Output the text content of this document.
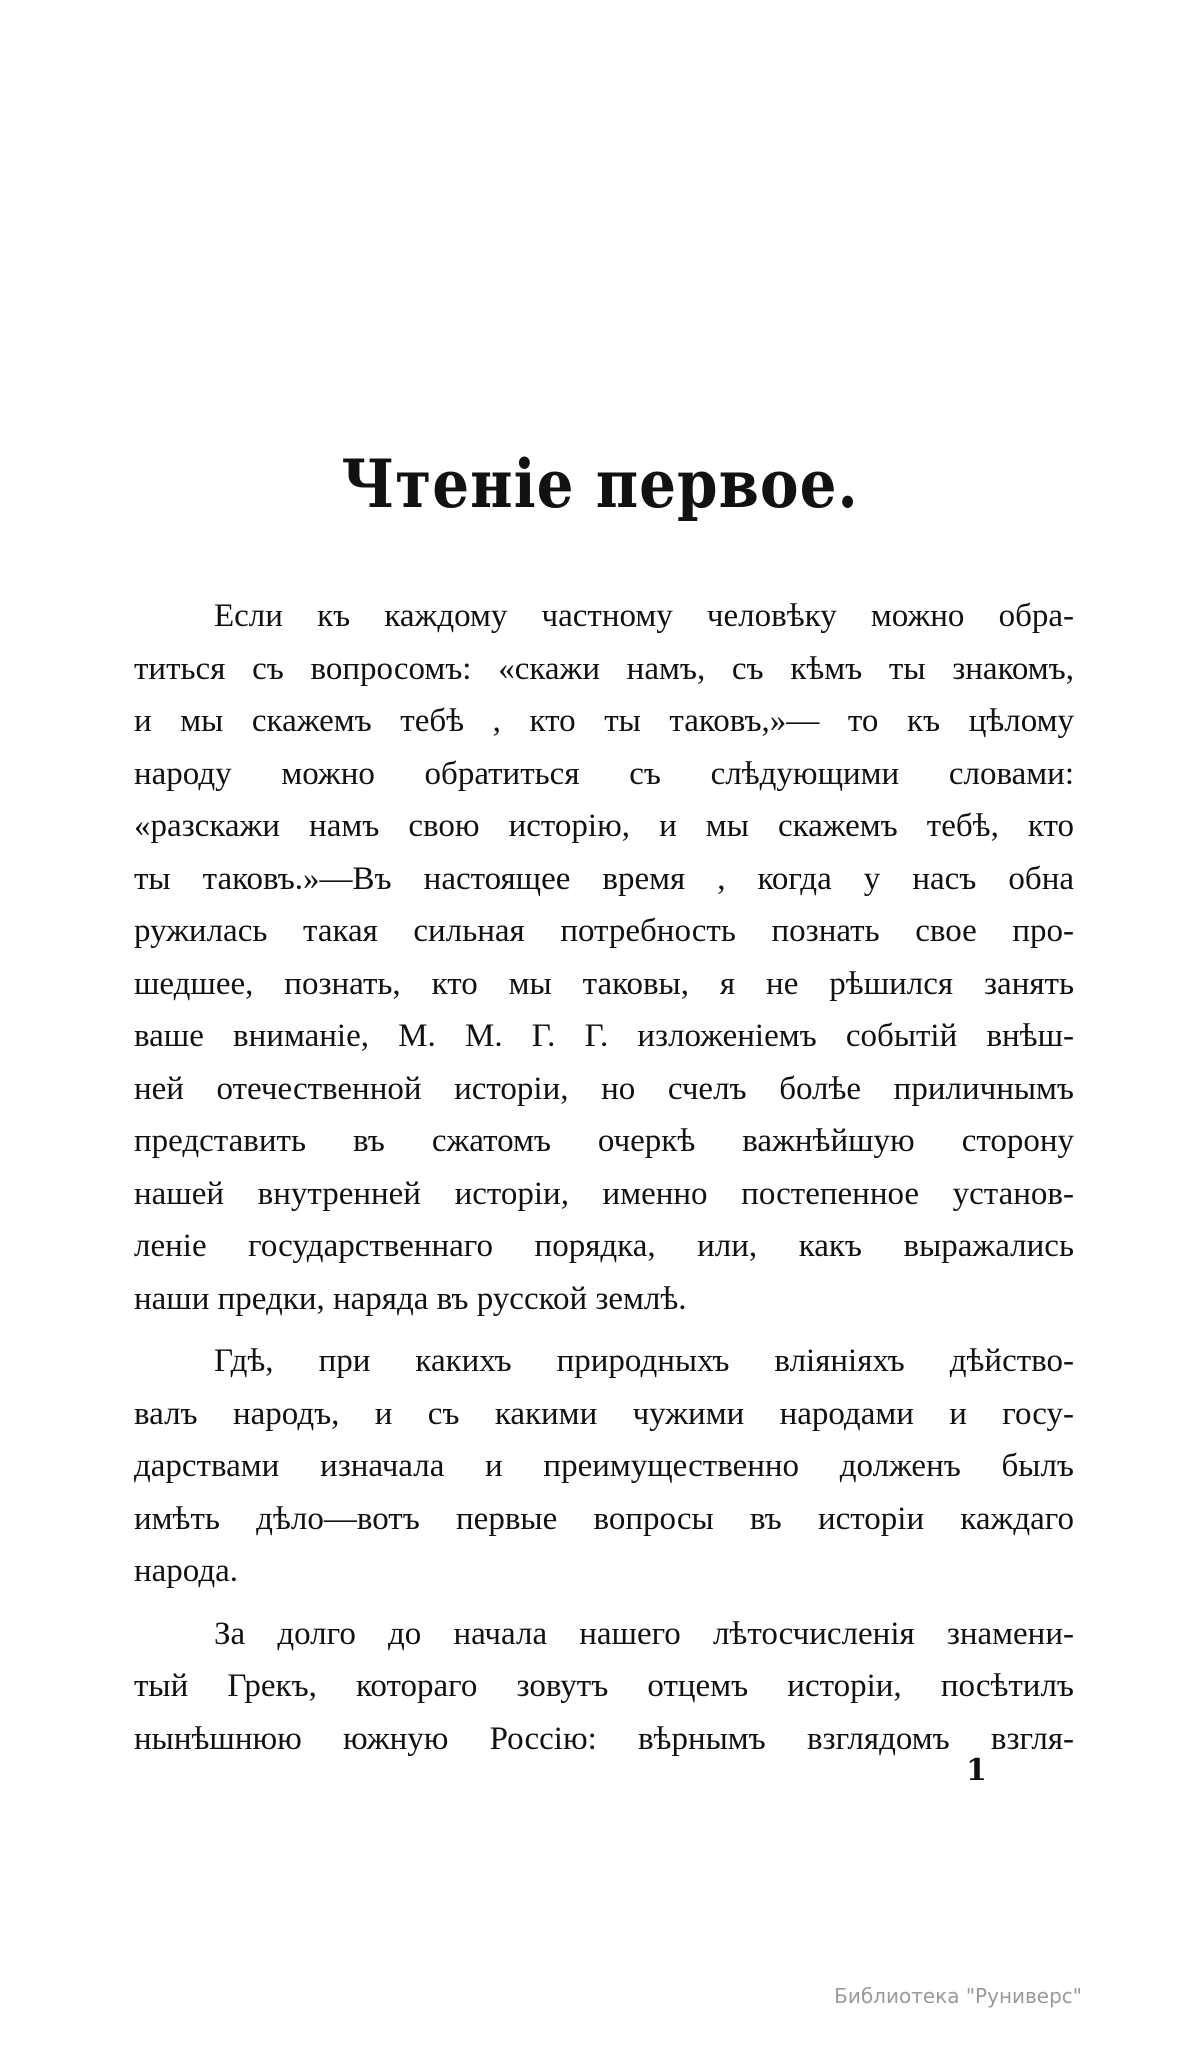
Чтеніе первое.
Если къ каждому частному человѣку можно обра-
титься съ вопросомъ: «скажи намъ, съ кѣмъ ты знакомъ,
и мы скажемъ тебѣ , кто ты таковъ,»— то къ цѣлому
народу можно обратиться съ слѣдующими словами:
«разскажи намъ свою исторію, и мы скажемъ тебѣ, кто
ты таковъ.»—Въ настоящее время , когда у насъ обна
ружилась такая сильная потребность познать свое про-
шедшее, познать, кто мы таковы, я не рѣшился занять
ваше вниманіе, М. М. Г. Г. изложеніемъ событій внѣш-
ней отечественной исторіи, но счелъ болѣе приличнымъ
представить въ сжатомъ очеркѣ важнѣйшую сторону
нашей внутренней исторіи, именно постепенное установ-
леніе государственнаго порядка, или, какъ выражались
наши предки, наряда въ русской землѣ.
Гдѣ, при какихъ природныхъ вліяніяхъ дѣйство-
валъ народъ, и съ какими чужими народами и госу-
дарствами изначала и преимущественно долженъ былъ
имѣть дѣло—вотъ первые вопросы въ исторіи каждаго
народа.
За долго до начала нашего лѣтосчисленія знамени-
тый Грекъ, котораго зовутъ отцемъ исторіи, посѣтилъ
нынѣшнюю южную Россію: вѣрнымъ взглядомъ взгля-
1
Библиотека "Руниверс"
